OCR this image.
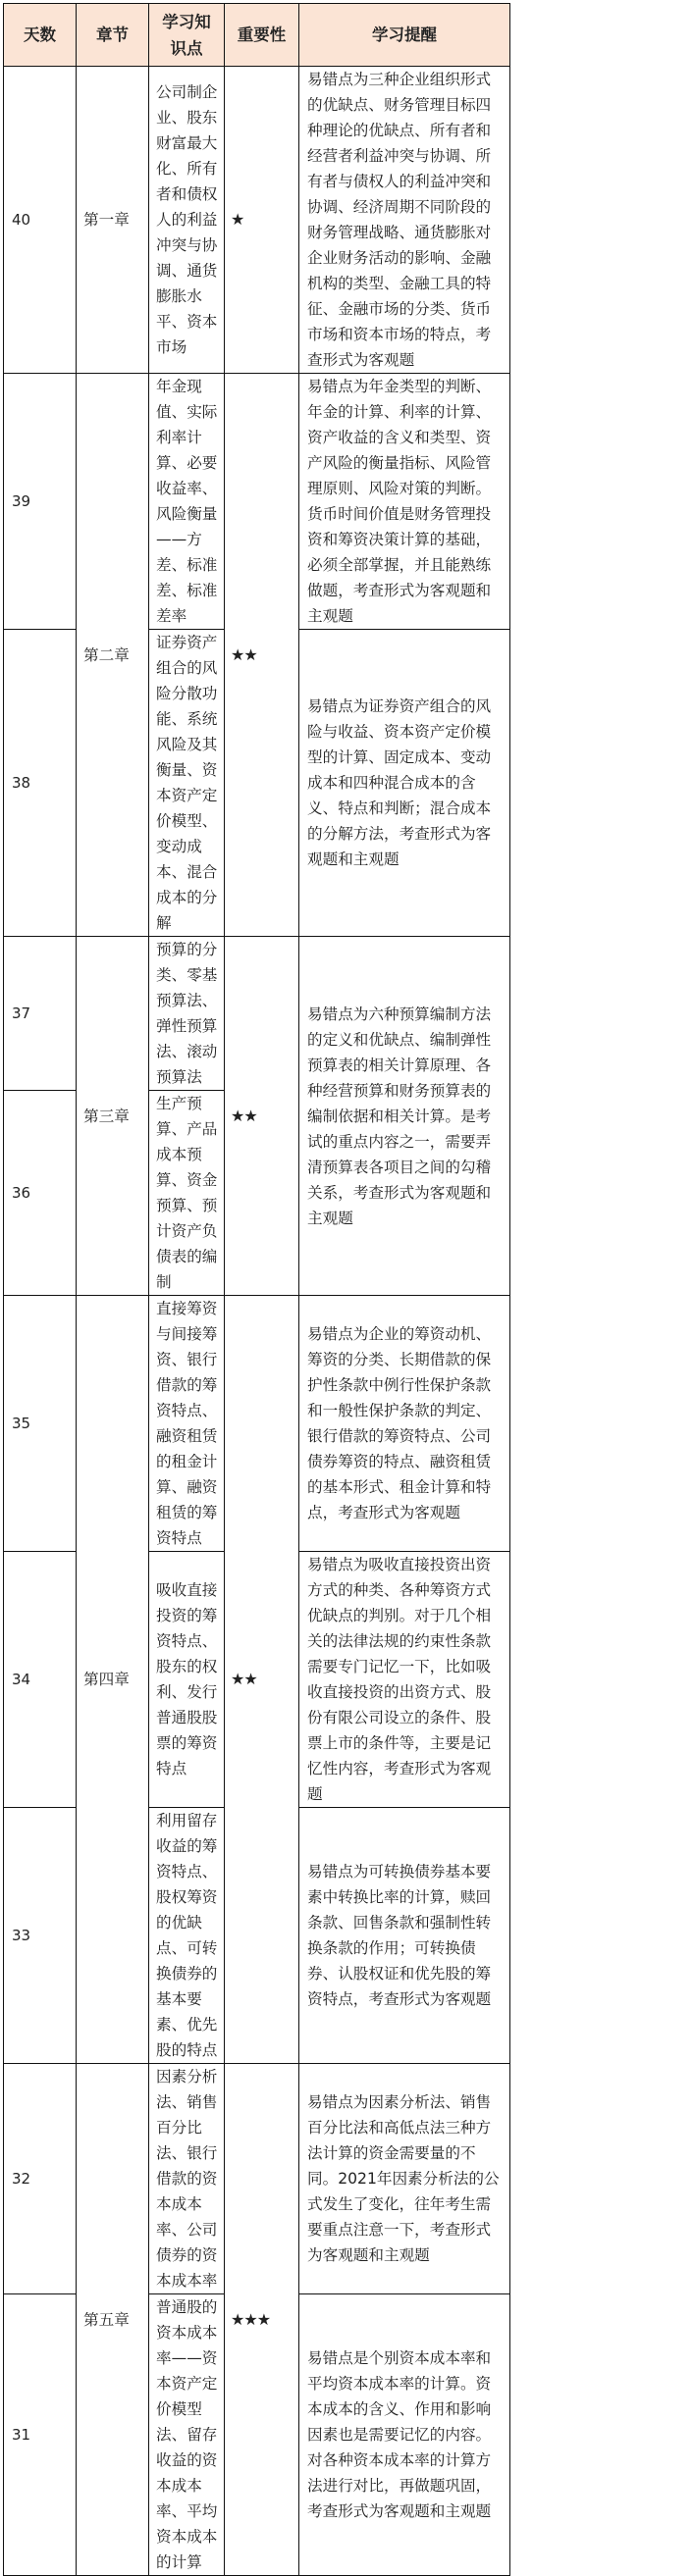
天数	章节	学习知识点	重要性	学习提醒
40	第一章	公司制企业、股东财富最大化、所有者和债权人的利益冲突与协调、通货膨胀水平、资本市场	★	易错点为三种企业组织形式的优缺点、财务管理目标四种理论的优缺点、所有者和经营者利益冲突与协调、所有者与债权人的利益冲突和协调、经济周期不同阶段的财务管理战略、通货膨胀对企业财务活动的影响、金融机构的类型、金融工具的特征、金融市场的分类、货币市场和资本市场的特点，考查形式为客观题
39	第二章	年金现值、实际利率计算、必要收益率、风险衡量——方差、标准差、标准差率	★★	易错点为年金类型的判断、年金的计算、利率的计算、资产收益的含义和类型、资产风险的衡量指标、风险管理原则、风险对策的判断。货币时间价值是财务管理投资和筹资决策计算的基础，必须全部掌握，并且能熟练做题，考查形式为客观题和主观题
38		证券资产组合的风险分散功能、系统风险及其衡量、资本资产定价模型、变动成本、混合成本的分解		易错点为证券资产组合的风险与收益、资本资产定价模型的计算、固定成本、变动成本和四种混合成本的含义、特点和判断；混合成本的分解方法，考查形式为客观题和主观题
37	第三章	预算的分类、零基预算法、弹性预算法、滚动预算法	★★	易错点为六种预算编制方法的定义和优缺点、编制弹性预算表的相关计算原理、各种经营预算和财务预算表的编制依据和相关计算。是考试的重点内容之一，需要弄清预算表各项目之间的勾稽关系，考查形式为客观题和主观题
36		生产预算、产品成本预算、资金预算、预计资产负债表的编制		
35	第四章	直接筹资与间接筹资、银行借款的筹资特点、融资租赁的租金计算、融资租赁的筹资特点	★★	易错点为企业的筹资动机、筹资的分类、长期借款的保护性条款中例行性保护条款和一般性保护条款的判定、银行借款的筹资特点、公司债券筹资的特点、融资租赁的基本形式、租金计算和特点，考查形式为客观题
34		吸收直接投资的筹资特点、股东的权利、发行普通股股票的筹资特点		易错点为吸收直接投资出资方式的种类、各种筹资方式优缺点的判别。对于几个相关的法律法规的约束性条款需要专门记忆一下，比如吸收直接投资的出资方式、股份有限公司设立的条件、股票上市的条件等，主要是记忆性内容，考查形式为客观题
33		利用留存收益的筹资特点、股权筹资的优缺点、可转换债券的基本要素、优先股的特点		易错点为可转换债券基本要素中转换比率的计算，赎回条款、回售条款和强制性转换条款的作用；可转换债券、认股权证和优先股的筹资特点，考查形式为客观题
32	第五章	因素分析法、销售百分比法、银行借款的资本成本率、公司债券的资本成本率	★★★	易错点为因素分析法、销售百分比法和高低点法三种方法计算的资金需要量的不同。2021年因素分析法的公式发生了变化，往年考生需要重点注意一下，考查形式为客观题和主观题
31		普通股的资本成本率——资本资产定价模型法、留存收益的资本成本率、平均资本成本的计算		易错点是个别资本成本率和平均资本成本率的计算。资本成本的含义、作用和影响因素也是需要记忆的内容。对各种资本成本率的计算方法进行对比，再做题巩固，考查形式为客观题和主观题
